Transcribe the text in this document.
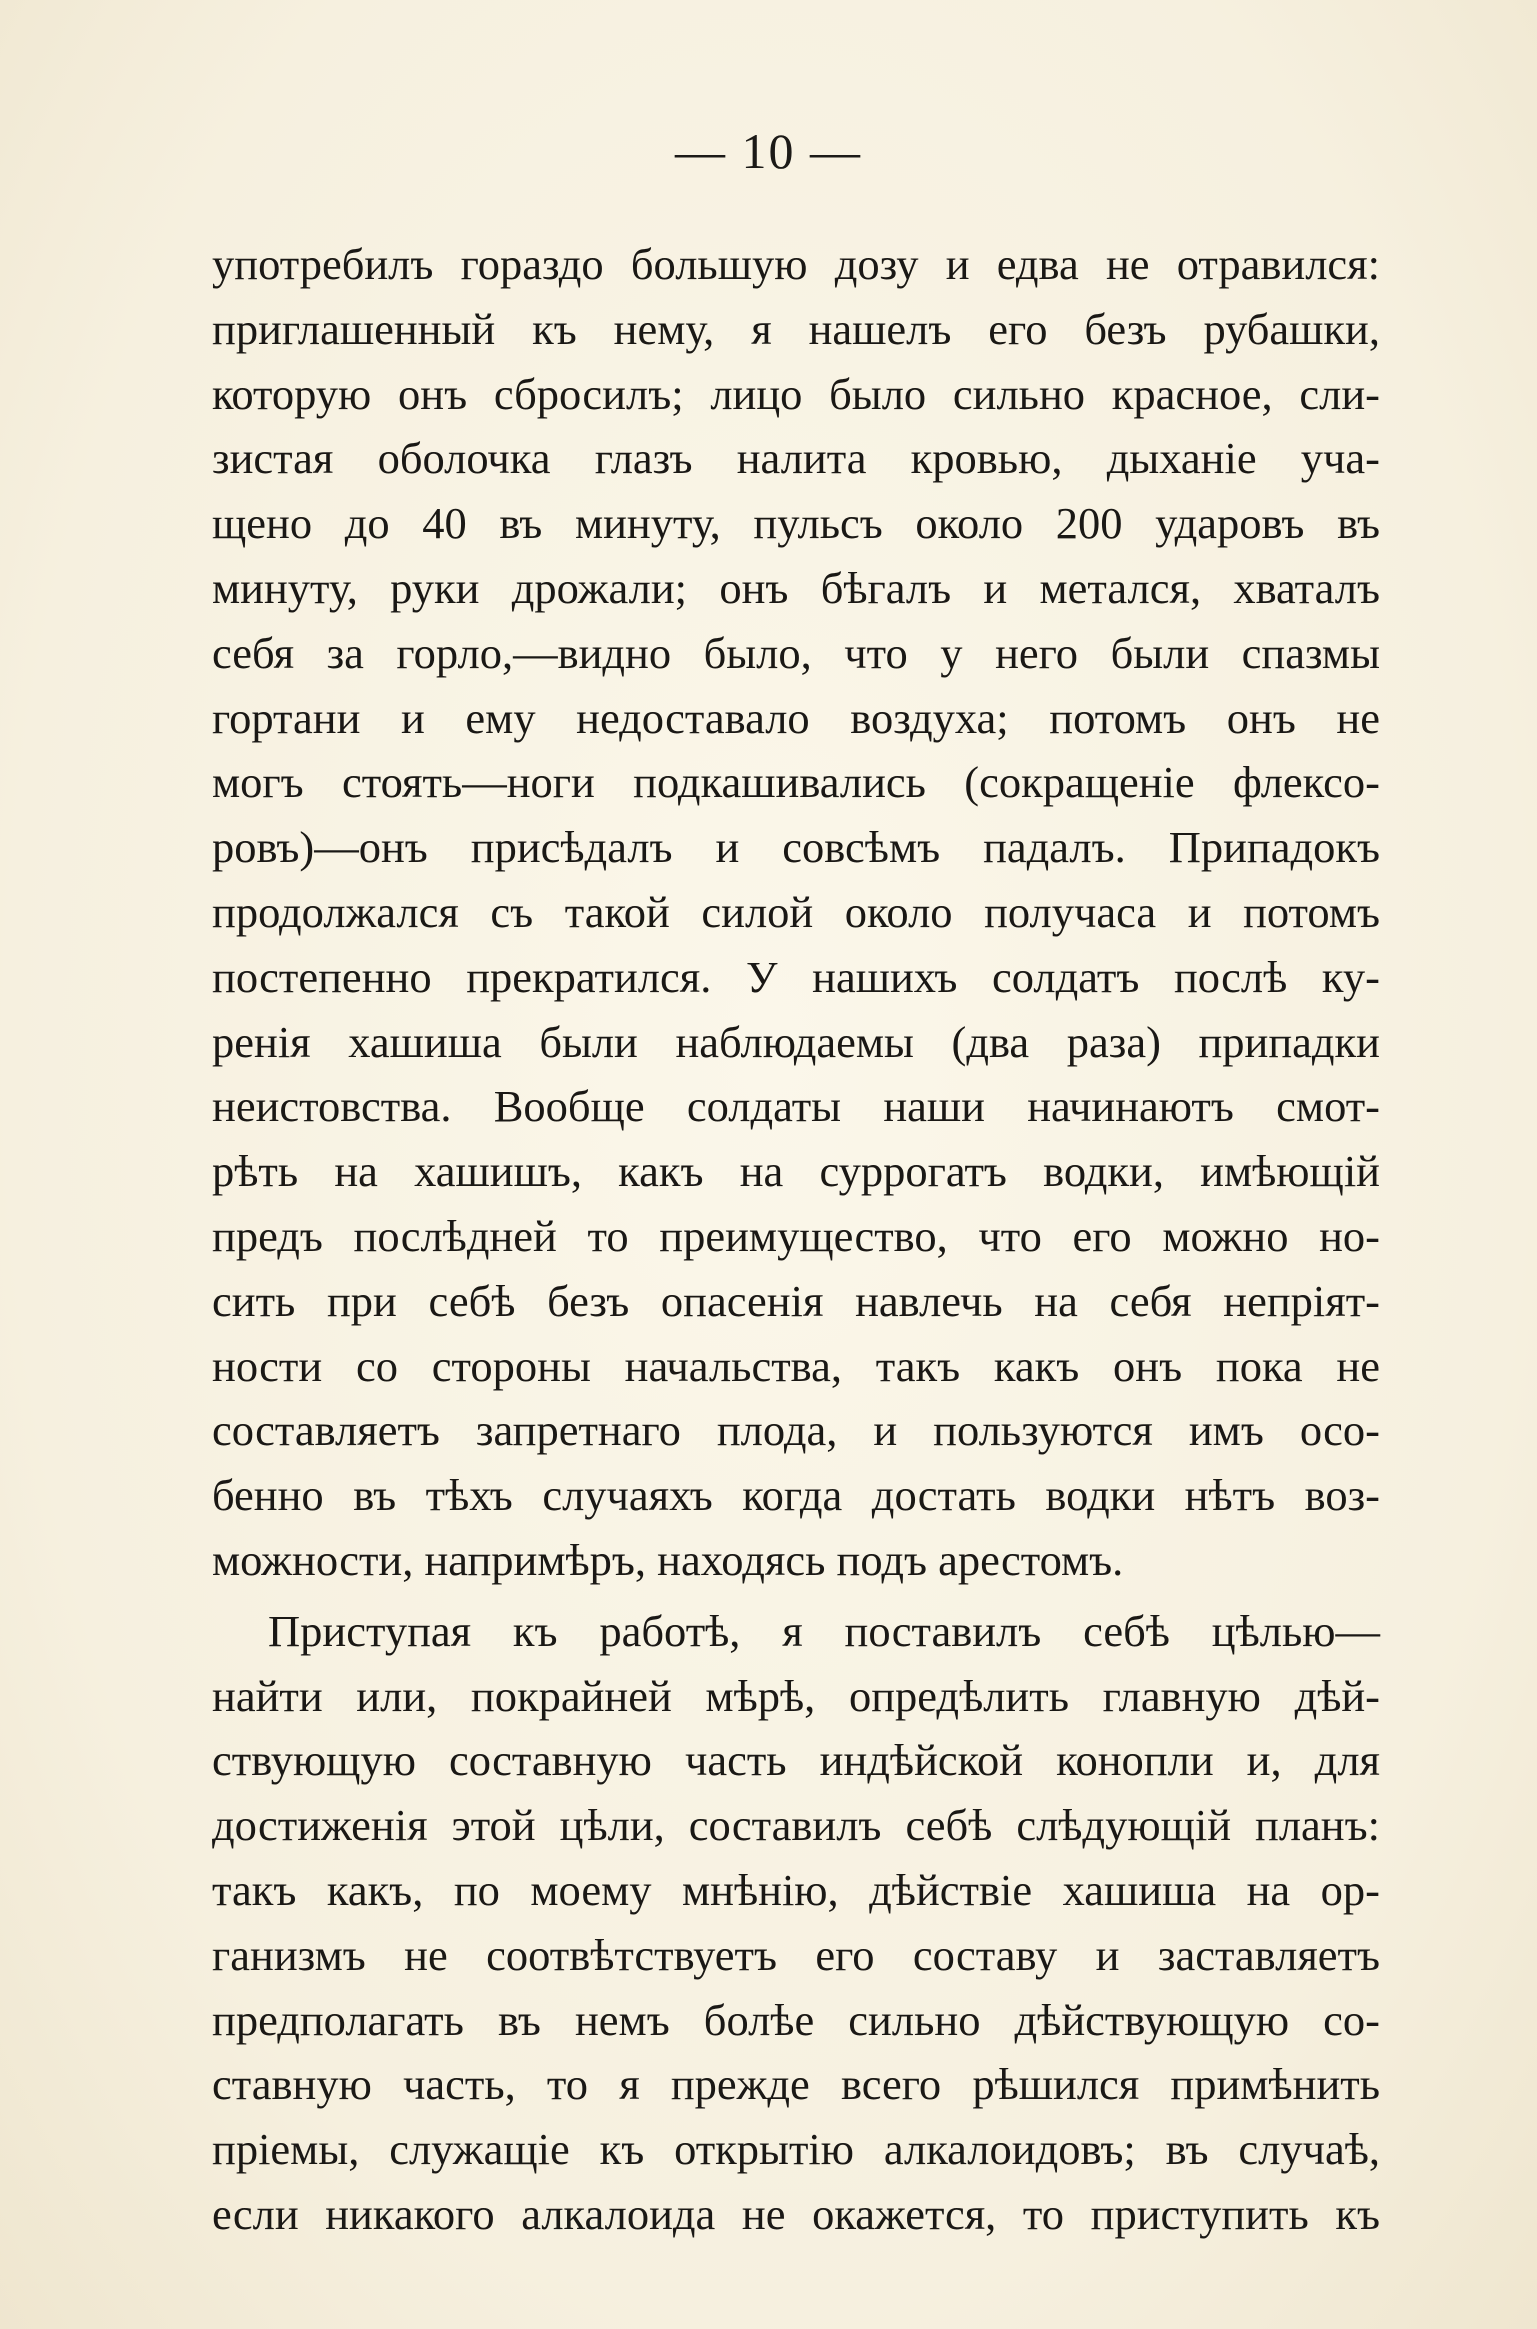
— 10 —
употребилъ гораздо большую дозу и едва не отравился:
приглашенный къ нему, я нашелъ его безъ рубашки,
которую онъ сбросилъ; лицо было сильно красное, сли-
зистая оболочка глазъ налита кровью, дыханіе уча-
щено до 40 въ минуту, пульсъ около 200 ударовъ въ
минуту, руки дрожали; онъ бѣгалъ и метался, хваталъ
себя за горло,—видно было, что у него были спазмы
гортани и ему недоставало воздуха; потомъ онъ не
могъ стоять—ноги подкашивались (сокращеніе флексо-
ровъ)—онъ присѣдалъ и совсѣмъ падалъ. Припадокъ
продолжался съ такой силой около получаса и потомъ
постепенно прекратился. У нашихъ солдатъ послѣ ку-
ренія хашиша были наблюдаемы (два раза) припадки
неистовства. Вообще солдаты наши начинаютъ смот-
рѣть на хашишъ, какъ на суррогатъ водки, имѣющій
предъ послѣдней то преимущество, что его можно но-
сить при себѣ безъ опасенія навлечь на себя непріят-
ности со стороны начальства, такъ какъ онъ пока не
составляетъ запретнаго плода, и пользуются имъ осо-
бенно въ тѣхъ случаяхъ когда достать водки нѣтъ воз-
можности, напримѣръ, находясь подъ арестомъ.
Приступая къ работѣ, я поставилъ себѣ цѣлью—
найти или, покрайней мѣрѣ, опредѣлить главную дѣй-
ствующую составную часть индѣйской конопли и, для
достиженія этой цѣли, составилъ себѣ слѣдующій планъ:
такъ какъ, по моему мнѣнію, дѣйствіе хашиша на ор-
ганизмъ не соотвѣтствуетъ его составу и заставляетъ
предполагать въ немъ болѣе сильно дѣйствующую со-
ставную часть, то я прежде всего рѣшился примѣнить
пріемы, служащіе къ открытію алкалоидовъ; въ случаѣ,
если никакого алкалоида не окажется, то приступить къ
